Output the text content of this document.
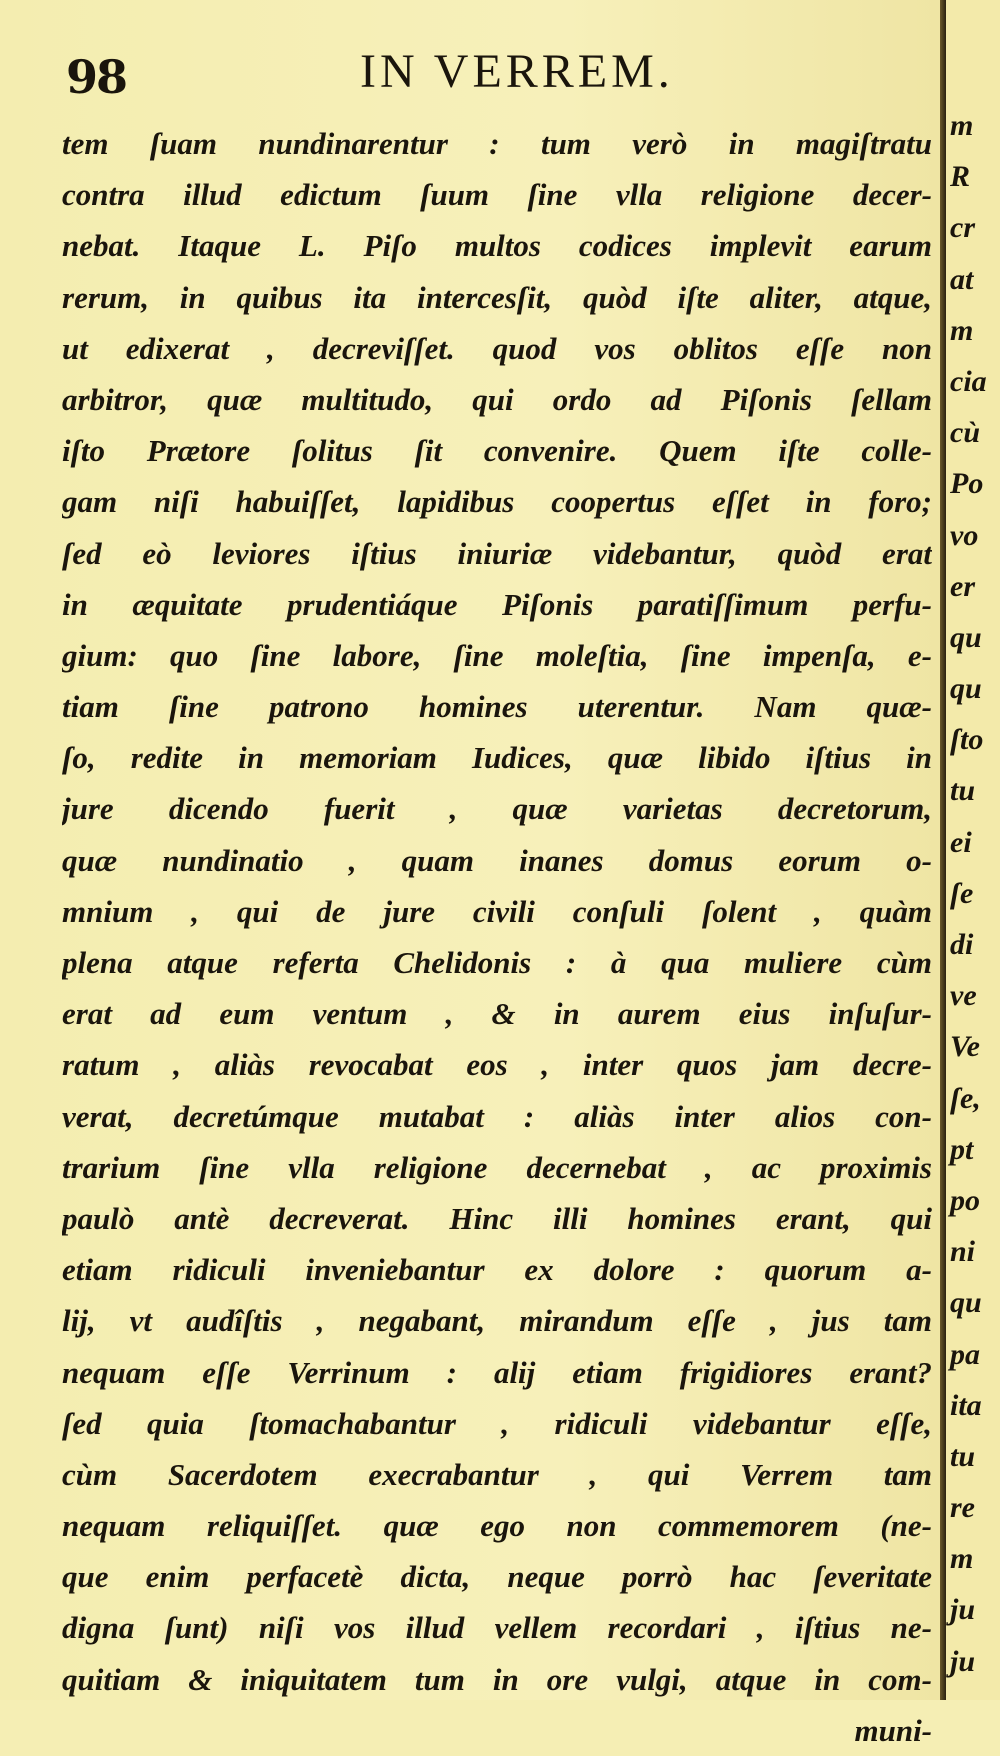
98	IN VERREM.
tem ſuam nundinarentur : tum verò in magiſtratu
contra illud edictum ſuum ſine vlla religione decer-
nebat. Itaque L. Piſo multos codices implevit earum
rerum, in quibus ita intercesſit, quòd iſte aliter, atque,
ut edixerat , decreviſſet. quod vos oblitos eſſe non
arbitror, quæ multitudo, qui ordo ad Piſonis ſellam
iſto Prætore ſolitus ſit convenire. Quem iſte colle-
gam niſi habuiſſet, lapidibus coopertus eſſet in foro;
ſed eò leviores iſtius iniuriæ videbantur, quòd erat
in æquitate prudentiáque Piſonis paratiſſimum perfu-
gium: quo ſine labore, ſine moleſtia, ſine impenſa, e-
tiam ſine patrono homines uterentur. Nam quæ-
ſo, redite in memoriam Iudices, quæ libido iſtius in
jure dicendo fuerit , quæ varietas decretorum,
quæ nundinatio , quam inanes domus eorum o-
mnium , qui de jure civili conſuli ſolent , quàm
plena atque referta Chelidonis : à qua muliere cùm
erat ad eum ventum , & in aurem eius inſuſur-
ratum , aliàs revocabat eos , inter quos jam decre-
verat, decretúmque mutabat : aliàs inter alios con-
trarium ſine vlla religione decernebat , ac proximis
paulò antè decreverat. Hinc illi homines erant, qui
etiam ridiculi inveniebantur ex dolore : quorum a-
lij, vt audîſtis , negabant, mirandum eſſe , jus tam
nequam eſſe Verrinum : alij etiam frigidiores erant?
ſed quia ſtomachabantur , ridiculi videbantur eſſe,
cùm Sacerdotem execrabantur , qui Verrem tam
nequam reliquiſſet. quæ ego non commemorem (ne-
que enim perfacetè dicta, neque porrò hac ſeveritate
digna ſunt) niſi vos illud vellem recordari , iſtius ne-
quitiam & iniquitatem tum in ore vulgi, atque in com-
muni-
m
R
cr
at
m
cia
cù
Po
vo
er
qu
qu
ſto
tu
ei
ſe
di
ve
Ve
ſe,
pt
po
ni
qu
pa
ita
tu
re
m
ju
ju
